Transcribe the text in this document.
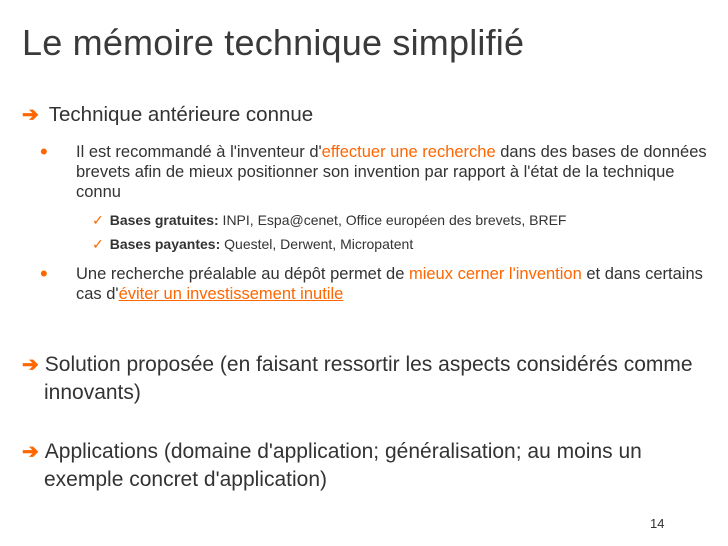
Le mémoire technique simplifié
➔ Technique antérieure connue
•	Il est recommandé à l'inventeur d'effectuer une recherche dans des bases de données brevets afin de mieux positionner son invention par rapport à l'état de la technique connu
✓ Bases gratuites: INPI, Espa@cenet, Office européen des brevets, BREF
✓ Bases payantes: Questel, Derwent, Micropatent
•	Une recherche préalable au dépôt permet de mieux cerner l'invention et dans certains cas d'éviter un investissement inutile
➔ Solution proposée (en faisant ressortir les aspects considérés comme innovants)
➔ Applications (domaine d'application; généralisation; au moins un exemple concret d'application)
14
